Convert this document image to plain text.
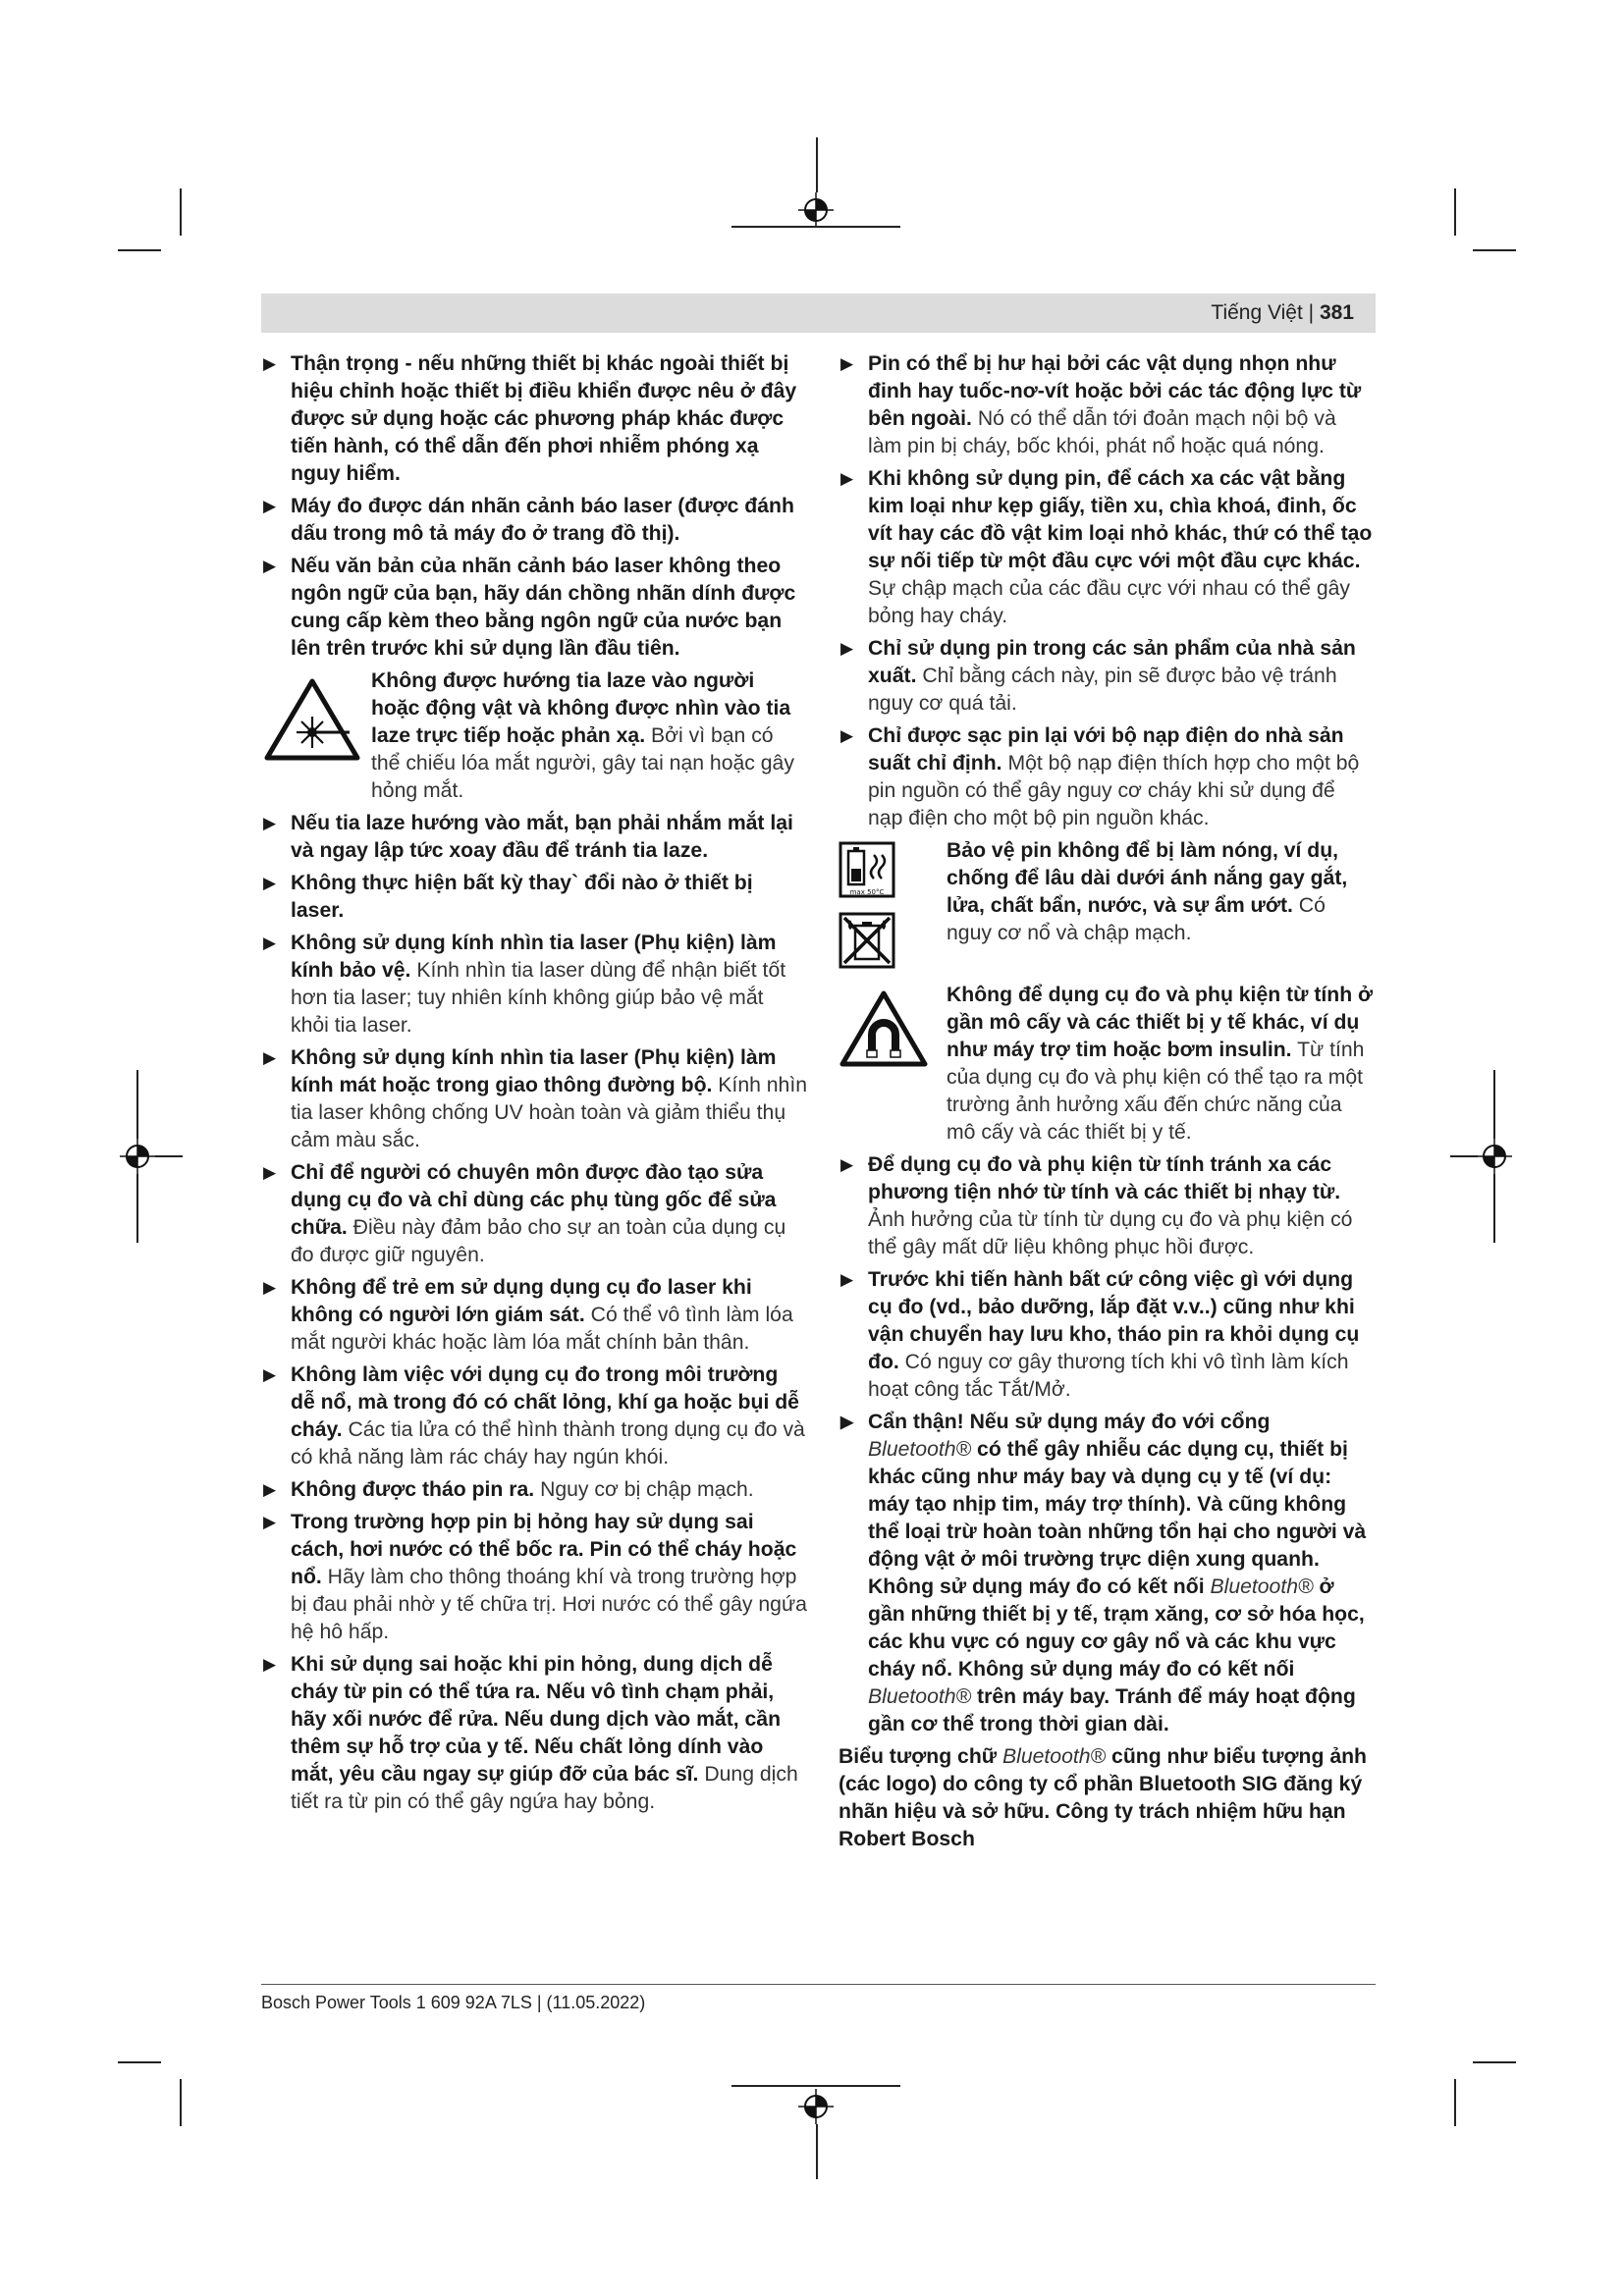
Tiếng Việt | 381
▶ Thận trọng - nếu những thiết bị khác ngoài thiết bị hiệu chỉnh hoặc thiết bị điều khiển được nêu ở đây được sử dụng hoặc các phương pháp khác được tiến hành, có thể dẫn đến phơi nhiễm phóng xạ nguy hiểm.
▶ Máy đo được dán nhãn cảnh báo laser (được đánh dấu trong mô tả máy đo ở trang đồ thị).
▶ Nếu văn bản của nhãn cảnh báo laser không theo ngôn ngữ của bạn, hãy dán chồng nhãn dính được cung cấp kèm theo bằng ngôn ngữ của nước bạn lên trên trước khi sử dụng lần đầu tiên.
Không được hướng tia laze vào người hoặc động vật và không được nhìn vào tia laze trực tiếp hoặc phản xạ. Bởi vì bạn có thể chiếu lóa mắt người, gây tai nạn hoặc gây hỏng mắt.
▶ Nếu tia laze hướng vào mắt, bạn phải nhắm mắt lại và ngay lập tức xoay đầu để tránh tia laze.
▶ Không thực hiện bất kỳ thay` đổi nào ở thiết bị laser.
▶ Không sử dụng kính nhìn tia laser (Phụ kiện) làm kính bảo vệ. Kính nhìn tia laser dùng để nhận biết tốt hơn tia laser; tuy nhiên kính không giúp bảo vệ mắt khỏi tia laser.
▶ Không sử dụng kính nhìn tia laser (Phụ kiện) làm kính mát hoặc trong giao thông đường bộ. Kính nhìn tia laser không chống UV hoàn toàn và giảm thiểu thụ cảm màu sắc.
▶ Chỉ để người có chuyên môn được đào tạo sửa dụng cụ đo và chỉ dùng các phụ tùng gốc để sửa chữa. Điều này đảm bảo cho sự an toàn của dụng cụ đo được giữ nguyên.
▶ Không để trẻ em sử dụng dụng cụ đo laser khi không có người lớn giám sát. Có thể vô tình làm lóa mắt người khác hoặc làm lóa mắt chính bản thân.
▶ Không làm việc với dụng cụ đo trong môi trường dễ nổ, mà trong đó có chất lỏng, khí ga hoặc bụi dễ cháy. Các tia lửa có thể hình thành trong dụng cụ đo và có khả năng làm rác cháy hay ngún khói.
▶ Không được tháo pin ra. Nguy cơ bị chập mạch.
▶ Trong trường hợp pin bị hỏng hay sử dụng sai cách, hơi nước có thể bốc ra. Pin có thể cháy hoặc nổ. Hãy làm cho thông thoáng khí và trong trường hợp bị đau phải nhờ y tế chữa trị. Hơi nước có thể gây ngứa hệ hô hấp.
▶ Khi sử dụng sai hoặc khi pin hỏng, dung dịch dễ cháy từ pin có thể tứa ra. Nếu vô tình chạm phải, hãy xối nước để rửa. Nếu dung dịch vào mắt, cần thêm sự hỗ trợ của y tế. Nếu chất lỏng dính vào mắt, yêu cầu ngay sự giúp đỡ của bác sĩ. Dung dịch tiết ra từ pin có thể gây ngứa hay bỏng.
▶ Pin có thể bị hư hại bởi các vật dụng nhọn như đinh hay tuốc-nơ-vít hoặc bởi các tác động lực từ bên ngoài. Nó có thể dẫn tới đoản mạch nội bộ và làm pin bị cháy, bốc khói, phát nổ hoặc quá nóng.
▶ Khi không sử dụng pin, để cách xa các vật bằng kim loại như kẹp giấy, tiền xu, chìa khoá, đinh, ốc vít hay các đồ vật kim loại nhỏ khác, thứ có thể tạo sự nối tiếp từ một đầu cực với một đầu cực khác. Sự chập mạch của các đầu cực với nhau có thể gây bỏng hay cháy.
▶ Chỉ sử dụng pin trong các sản phẩm của nhà sản xuất. Chỉ bằng cách này, pin sẽ được bảo vệ tránh nguy cơ quá tải.
▶ Chỉ được sạc pin lại với bộ nạp điện do nhà sản suất chỉ định. Một bộ nạp điện thích hợp cho một bộ pin nguồn có thể gây nguy cơ cháy khi sử dụng để nạp điện cho một bộ pin nguồn khác.
max 50°C

Bảo vệ pin không để bị làm nóng, ví dụ, chống để lâu dài dưới ánh nắng gay gắt, lửa, chất bẩn, nước, và sự ẩm ướt. Có nguy cơ nổ và chập mạch.
Không để dụng cụ đo và phụ kiện từ tính ở gần mô cấy và các thiết bị y tế khác, ví dụ như máy trợ tim hoặc bơm insulin. Từ tính của dụng cụ đo và phụ kiện có thể tạo ra một trường ảnh hưởng xấu đến chức năng của mô cấy và các thiết bị y tế.
▶ Để dụng cụ đo và phụ kiện từ tính tránh xa các phương tiện nhớ từ tính và các thiết bị nhạy từ. Ảnh hưởng của từ tính từ dụng cụ đo và phụ kiện có thể gây mất dữ liệu không phục hồi được.
▶ Trước khi tiến hành bất cứ công việc gì với dụng cụ đo (vd., bảo dưỡng, lắp đặt v.v..) cũng như khi vận chuyển hay lưu kho, tháo pin ra khỏi dụng cụ đo. Có nguy cơ gây thương tích khi vô tình làm kích hoạt công tắc Tắt/Mở.
▶ Cẩn thận! Nếu sử dụng máy đo với cổng Bluetooth® có thể gây nhiễu các dụng cụ, thiết bị khác cũng như máy bay và dụng cụ y tế (ví dụ: máy tạo nhịp tim, máy trợ thính). Và cũng không thể loại trừ hoàn toàn những tổn hại cho người và động vật ở môi trường trực diện xung quanh. Không sử dụng máy đo có kết nối Bluetooth® ở gần những thiết bị y tế, trạm xăng, cơ sở hóa học, các khu vực có nguy cơ gây nổ và các khu vực cháy nổ. Không sử dụng máy đo có kết nối Bluetooth® trên máy bay. Tránh để máy hoạt động gần cơ thể trong thời gian dài.
Biểu tượng chữ Bluetooth® cũng như biểu tượng ảnh (các logo) do công ty cổ phần Bluetooth SIG đăng ký nhãn hiệu và sở hữu. Công ty trách nhiệm hữu hạn Robert Bosch
Bosch Power Tools 1 609 92A 7LS | (11.05.2022)
